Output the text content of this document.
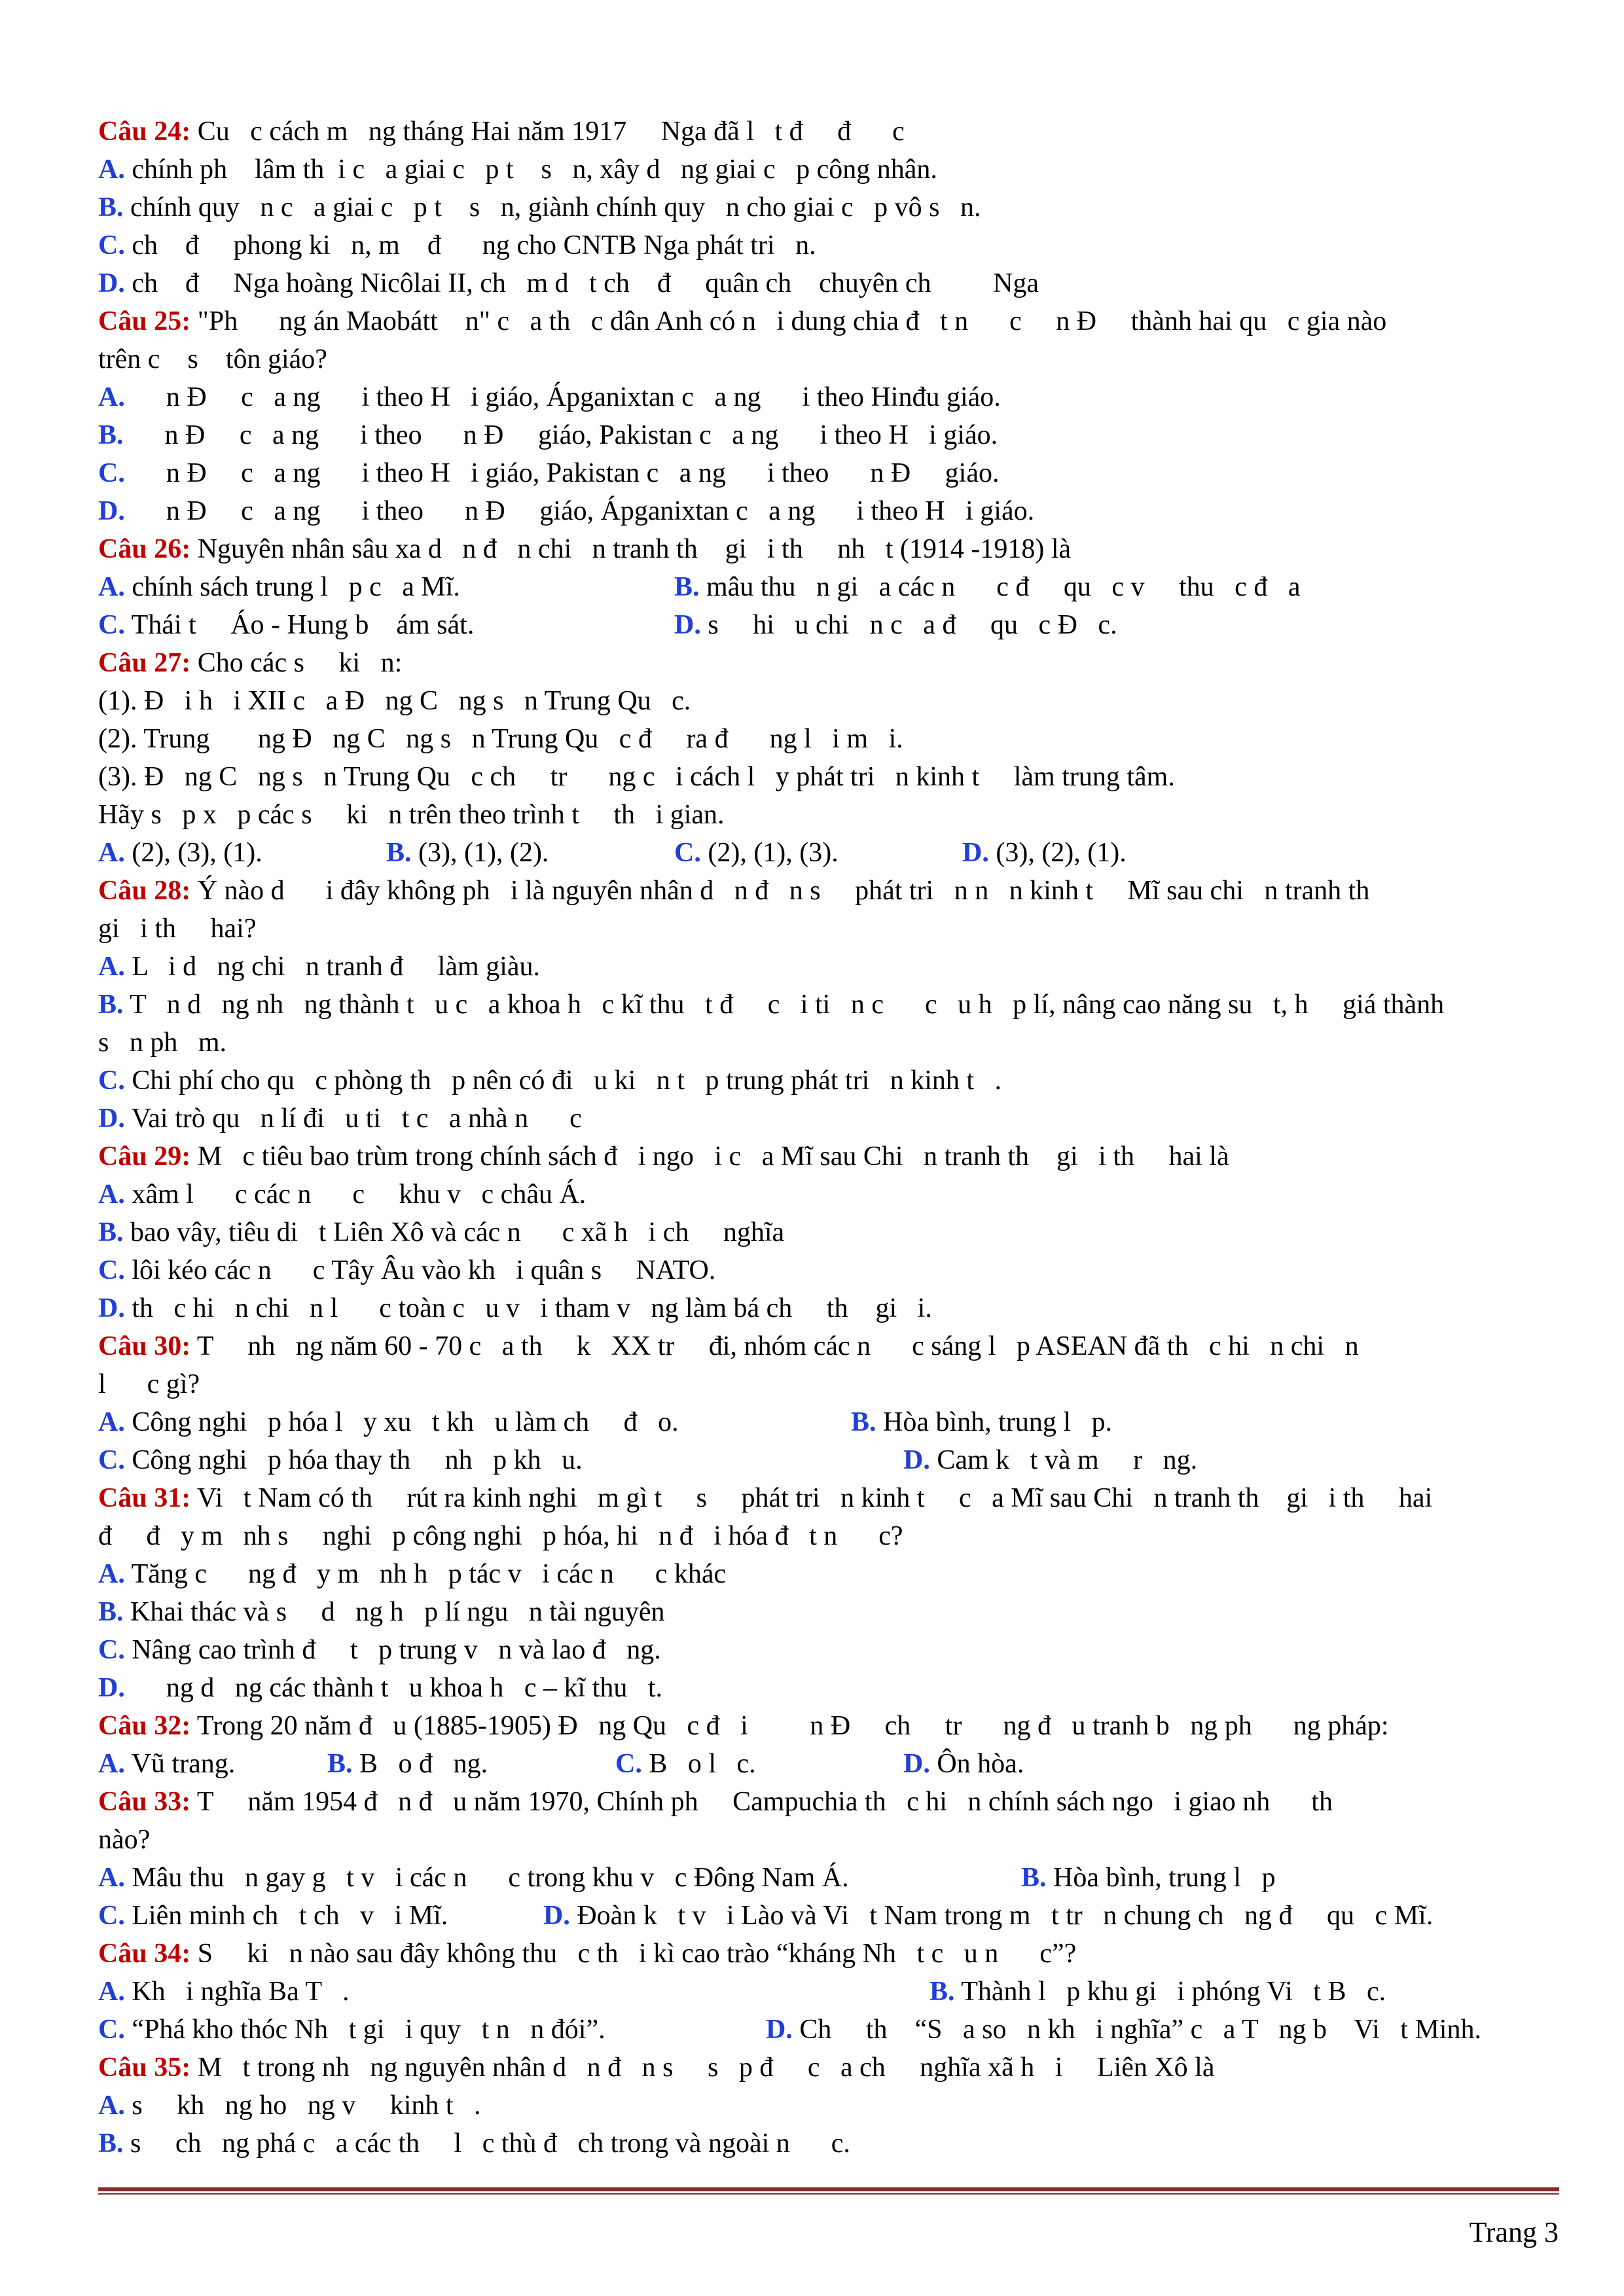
Câu 24: Cu   c cách m   ng tháng Hai năm 1917     Nga đã l   t đ     đ      c
A. chính ph    lâm th  i c   a giai c   p t    s   n, xây d   ng giai c   p công nhân.
B. chính quy   n c   a giai c   p t    s   n, giành chính quy   n cho giai c   p vô s   n.
C. ch    đ     phong ki   n, m    đ      ng cho CNTB Nga phát tri   n.
D. ch    đ     Nga hoàng Nicôlai II, ch   m d   t ch    đ     quân ch    chuyên ch         Nga
Câu 25: "Ph      ng án Maobátt    n" c   a th   c dân Anh có n   i dung chia đ   t n      c     n Đ     thành hai qu   c gia nào
trên c    s    tôn giáo?
A.      n Đ     c   a ng      i theo H   i giáo, Ápganixtan c   a ng      i theo Hinđu giáo.
B.      n Đ     c   a ng      i theo      n Đ     giáo, Pakistan c   a ng      i theo H   i giáo.
C.      n Đ     c   a ng      i theo H   i giáo, Pakistan c   a ng      i theo      n Đ     giáo.
D.      n Đ     c   a ng      i theo      n Đ     giáo, Ápganixtan c   a ng      i theo H   i giáo.
Câu 26: Nguyên nhân sâu xa d   n đ   n chi   n tranh th    gi   i th     nh   t (1914 -1918) là
A. chính sách trung l   p c   a Mĩ.	B. mâu thu   n gi   a các n      c đ     qu   c v     thu   c đ   a
C. Thái t     Áo - Hung b    ám sát.	D. s     hi   u chi   n c   a đ     qu   c Đ   c.
Câu 27: Cho các s     ki   n:
(1). Đ   i h   i XII c   a Đ   ng C   ng s   n Trung Qu   c.
(2). Trung       ng Đ   ng C   ng s   n Trung Qu   c đ     ra đ      ng l   i m   i.
(3). Đ   ng C   ng s   n Trung Qu   c ch     tr      ng c   i cách l   y phát tri   n kinh t     làm trung tâm.
Hãy s   p x   p các s     ki   n trên theo trình t     th   i gian.
A. (2), (3), (1).	B. (3), (1), (2).	C. (2), (1), (3).	D. (3), (2), (1).
Câu 28: Ý nào d      i đây không ph   i là nguyên nhân d   n đ   n s     phát tri   n n   n kinh t     Mĩ sau chi   n tranh th
gi   i th     hai?
A. L   i d   ng chi   n tranh đ     làm giàu.
B. T   n d   ng nh   ng thành t   u c   a khoa h   c kĩ thu   t đ     c   i ti   n c      c   u h   p lí, nâng cao năng su   t, h     giá thành
s   n ph   m.
C. Chi phí cho qu   c phòng th   p nên có đi   u ki   n t   p trung phát tri   n kinh t   .
D. Vai trò qu   n lí đi   u ti   t c   a nhà n      c
Câu 29: M   c tiêu bao trùm trong chính sách đ   i ngo   i c   a Mĩ sau Chi   n tranh th    gi   i th     hai là
A. xâm l      c các n      c     khu v   c châu Á.
B. bao vây, tiêu di   t Liên Xô và các n      c xã h   i ch     nghĩa
C. lôi kéo các n      c Tây Âu vào kh   i quân s     NATO.
D. th   c hi   n chi   n l      c toàn c   u v   i tham v   ng làm bá ch     th    gi   i.
Câu 30: T     nh   ng năm 60 - 70 c   a th     k   XX tr     đi, nhóm các n      c sáng l   p ASEAN đã th   c hi   n chi   n
l      c gì?
A. Công nghi   p hóa l   y xu   t kh   u làm ch     đ   o.	B. Hòa bình, trung l   p.
C. Công nghi   p hóa thay th     nh   p kh   u.	D. Cam k   t và m     r   ng.
Câu 31: Vi   t Nam có th     rút ra kinh nghi   m gì t     s     phát tri   n kinh t     c   a Mĩ sau Chi   n tranh th    gi   i th     hai
đ     đ   y m   nh s     nghi   p công nghi   p hóa, hi   n đ   i hóa đ   t n      c?
A. Tăng c      ng đ   y m   nh h   p tác v   i các n      c khác
B. Khai thác và s     d   ng h   p lí ngu   n tài nguyên
C. Nâng cao trình đ     t   p trung v   n và lao đ   ng.
D.      ng d   ng các thành t   u khoa h   c – kĩ thu   t.
Câu 32: Trong 20 năm đ   u (1885-1905) Đ   ng Qu   c đ   i         n Đ     ch     tr      ng đ   u tranh b   ng ph      ng pháp:
A. Vũ trang.	B. B   o đ   ng.	C. B   o l   c.	D. Ôn hòa.
Câu 33: T     năm 1954 đ   n đ   u năm 1970, Chính ph     Campuchia th   c hi   n chính sách ngo   i giao nh      th
nào?
A. Mâu thu   n gay g   t v   i các n      c trong khu v   c Đông Nam Á.	B. Hòa bình, trung l   p
C. Liên minh ch   t ch   v   i Mĩ.	D. Đoàn k   t v   i Lào và Vi   t Nam trong m   t tr   n chung ch   ng đ     qu   c Mĩ.
Câu 34: S     ki   n nào sau đây không thu   c th   i kì cao trào “kháng Nh   t c   u n      c”?
A. Kh   i nghĩa Ba T   .	B. Thành l   p khu gi   i phóng Vi   t B   c.
C. “Phá kho thóc Nh   t gi   i quy   t n   n đói”.	D. Ch     th    “S   a so   n kh   i nghĩa” c   a T   ng b    Vi   t Minh.
Câu 35: M   t trong nh   ng nguyên nhân d   n đ   n s     s   p đ     c   a ch     nghĩa xã h   i     Liên Xô là
A. s     kh   ng ho   ng v     kinh t   .
B. s     ch   ng phá c   a các th     l   c thù đ   ch trong và ngoài n      c.
Trang 3
